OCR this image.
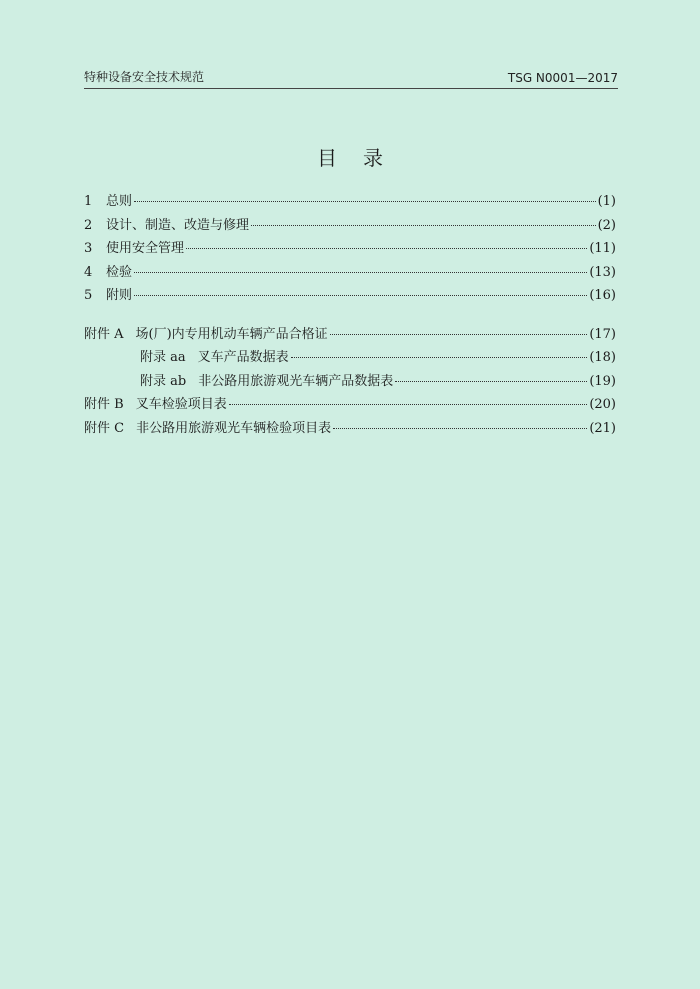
特种设备安全技术规范	TSG N0001—2017
目录
1	总则	(1)
2	设计、制造、改造与修理	(2)
3	使用安全管理	(11)
4	检验	(13)
5	附则	(16)
附件 A 场(厂)内专用机动车辆产品合格证	(17)
附录 aa 叉车产品数据表	(18)
附录 ab 非公路用旅游观光车辆产品数据表	(19)
附件 B 叉车检验项目表	(20)
附件 C 非公路用旅游观光车辆检验项目表	(21)
